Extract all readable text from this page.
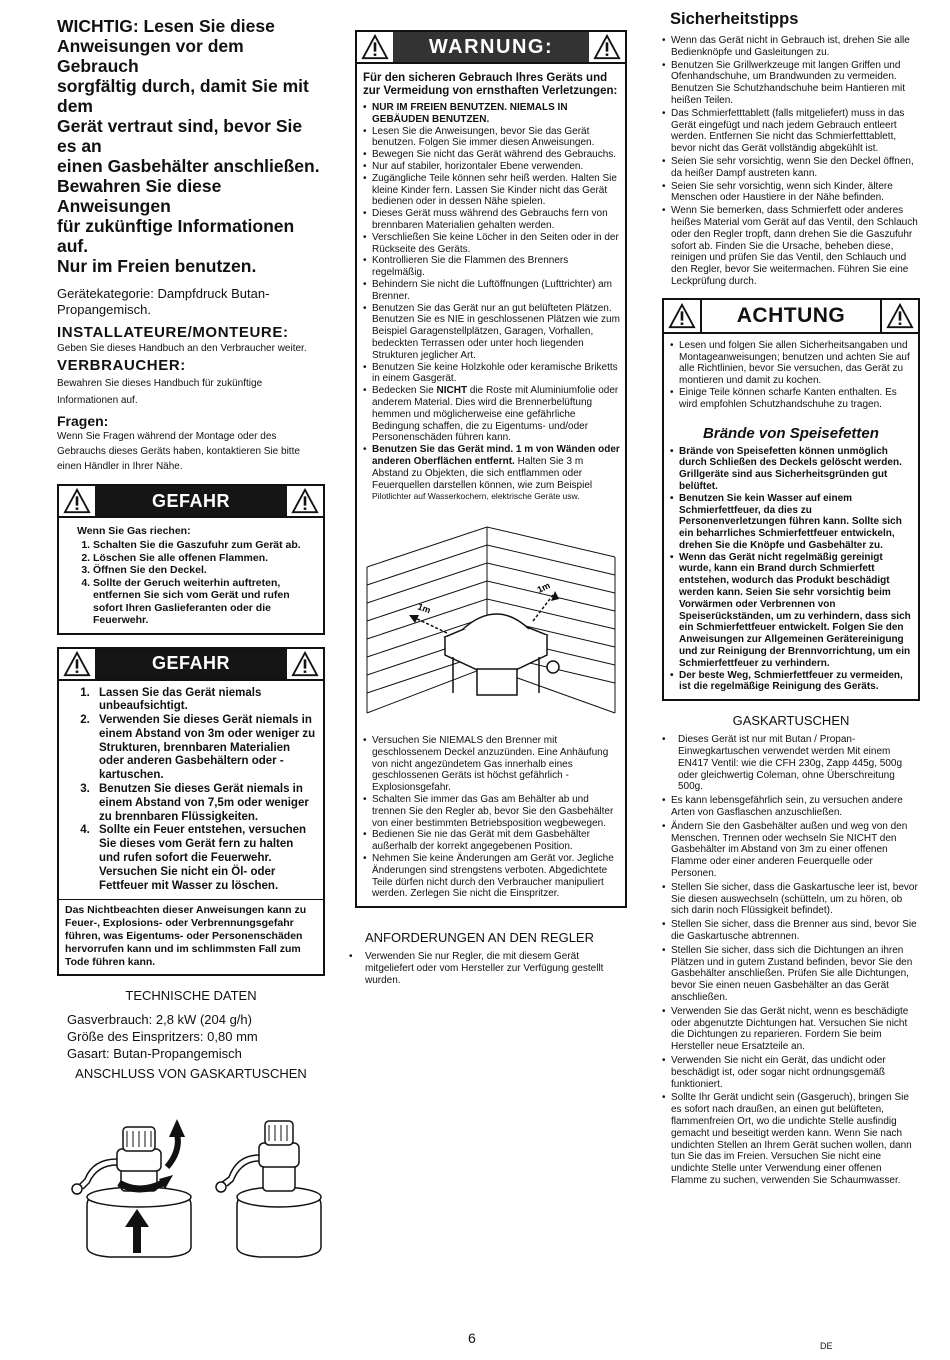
WICHTIG: Lesen Sie diese

Anweisungen vor dem Gebrauch

sorgfältig durch, damit Sie mit dem

Gerät vertraut sind, bevor Sie es an

einen Gasbehälter anschließen.

Bewahren Sie diese Anweisungen

für zukünftige Informationen auf.

Nur im Freien benutzen.

Gerätekategorie: Dampfdruck Butan-

Propangemisch.

INSTALLATEURE/MONTEURE:
Geben Sie dieses Handbuch an den Verbraucher weiter.
VERBRAUCHER:

Bewahren Sie dieses Handbuch für zukünftige

Informationen auf.

Fragen:

Wenn Sie Fragen während der Montage oder des

Gebrauchs dieses Geräts haben, kontaktieren Sie bitte

einen Händler in Ihrer Nähe.

GEFAHR
Wenn Sie Gas riechen:
1. Schalten Sie die Gaszufuhr zum Gerät ab.
2. Löschen Sie alle offenen Flammen.
3. Öffnen Sie den Deckel.
4. Sollte der Geruch weiterhin auftreten, entfernen Sie sich vom Gerät und rufen sofort Ihren Gaslieferanten oder die Feuerwehr.
GEFAHR
1. Lassen Sie das Gerät niemals unbeaufsichtigt.
2. Verwenden Sie dieses Gerät niemals in einem Abstand von 3m oder weniger zu Strukturen, brennbaren Materialien oder anderen Gasbehältern oder -kartuschen.
3. Benutzen Sie dieses Gerät niemals in einem Abstand von 7,5m oder weniger zu brennbaren Flüssigkeiten.
4. Sollte ein Feuer entstehen, versuchen Sie dieses vom Gerät fern zu halten und rufen sofort die Feuerwehr. Versuchen Sie nicht ein Öl- oder Fettfeuer mit Wasser zu löschen.
Das Nichtbeachten dieser Anweisungen kann zu Feuer-, Explosions- oder Verbrennungsgefahr führen, was Eigentums- oder Personenschäden hervorrufen kann und im schlimmsten Fall zum Tode führen kann.
TECHNISCHE DATEN

Gasverbrauch: 2,8 kW (204 g/h)

Größe des Einspritzers: 0,80 mm

Gasart: Butan-Propangemisch

ANSCHLUSS VON GASKARTUSCHEN
WARNUNG:
Für den sicheren Gebrauch Ihres Geräts und zur Vermeidung von ernsthaften Verletzungen:
• NUR IM FREIEN BENUTZEN. NIEMALS IN GEBÄUDEN BENUTZEN.
• Lesen Sie die Anweisungen, bevor Sie das Gerät benutzen. Folgen Sie immer diesen Anweisungen.
• Bewegen Sie nicht das Gerät während des Gebrauchs.
• Nur auf stabiler, horizontaler Ebene verwenden.
• Zugängliche Teile können sehr heiß werden. Halten Sie kleine Kinder fern. Lassen Sie Kinder nicht das Gerät bedienen oder in dessen Nähe spielen.
• Dieses Gerät muss während des Gebrauchs fern von brennbaren Materialien gehalten werden.
• Verschließen Sie keine Löcher in den Seiten oder in der Rückseite des Geräts.
• Kontrollieren Sie die Flammen des Brenners regelmäßig.
• Behindern Sie nicht die Luftöffnungen (Lufttrichter) am Brenner.
• Benutzen Sie das Gerät nur an gut belüfteten Plätzen. Benutzen Sie es NIE in geschlossenen Plätzen wie zum Beispiel Garagenstellplätzen, Garagen, Vorhallen, bedeckten Terrassen oder unter hoch liegenden Strukturen jeglicher Art.
• Benutzen Sie keine Holzkohle oder keramische Briketts in einem Gasgerät.
• Bedecken Sie NICHT die Roste mit Aluminiumfolie oder anderem Material. Dies wird die Brennerbelüftung hemmen und möglicherweise eine gefährliche Bedingung schaffen, die zu Eigentums- und/oder Personenschäden führen kann.
• Benutzen Sie das Gerät mind. 1 m von Wänden oder anderen Oberflächen entfernt. Halten Sie 3 m Abstand zu Objekten, die sich entflammen oder Feuerquellen darstellen können, wie zum Beispiel Pilotlichter auf Wasserkochern, elektrische Geräte usw.
1m
1m
• Versuchen Sie NIEMALS den Brenner mit geschlossenem Deckel anzuzünden. Eine Anhäufung von nicht angezündetem Gas innerhalb eines geschlossenen Geräts ist höchst gefährlich - Explosionsgefahr.
• Schalten Sie immer das Gas am Behälter ab und trennen Sie den Regler ab, bevor Sie den Gasbehälter von einer bestimmten Betriebsposition wegbewegen.
• Bedienen Sie nie das Gerät mit dem Gasbehälter außerhalb der korrekt angegebenen Position.
• Nehmen Sie keine Änderungen am Gerät vor. Jegliche Änderungen sind strengstens verboten. Abgedichtete Teile dürfen nicht durch den Verbraucher manipuliert werden. Zerlegen Sie nicht die Einspritzer.
ANFORDERUNGEN AN DEN REGLER
• Verwenden Sie nur Regler, die mit diesem Gerät mitgeliefert oder vom Hersteller zur Verfügung gestellt wurden.
Sicherheitstipps
• Wenn das Gerät nicht in Gebrauch ist, drehen Sie alle Bedienknöpfe und Gasleitungen zu.
• Benutzen Sie Grillwerkzeuge mit langen Griffen und Ofenhandschuhe, um Brandwunden zu vermeiden. Benutzen Sie Schutzhandschuhe beim Hantieren mit heißen Teilen.
• Das Schmierfetttablett (falls mitgeliefert) muss in das Gerät eingefügt und nach jedem Gebrauch entleert werden. Entfernen Sie nicht das Schmierfetttablett, bevor nicht das Gerät vollständig abgekühlt ist.
• Seien Sie sehr vorsichtig, wenn Sie den Deckel öffnen, da heißer Dampf austreten kann.
• Seien Sie sehr vorsichtig, wenn sich Kinder, ältere Menschen oder Haustiere in der Nähe befinden.
• Wenn Sie bemerken, dass Schmierfett oder anderes heißes Material vom Gerät auf das Ventil, den Schlauch oder den Regler tropft, dann drehen Sie die Gaszufuhr sofort ab. Finden Sie die Ursache, beheben diese, reinigen und prüfen Sie das Ventil, den Schlauch und den Regler, bevor Sie weitermachen. Führen Sie eine Leckprüfung durch.
ACHTUNG
• Lesen und folgen Sie allen Sicherheitsangaben und Montageanweisungen; benutzen und achten Sie auf alle Richtlinien, bevor Sie versuchen, das Gerät zu montieren und damit zu kochen.
• Einige Teile können scharfe Kanten enthalten. Es wird empfohlen Schutzhandschuhe zu tragen.
Brände von Speisefetten
• Brände von Speisefetten können unmöglich durch Schließen des Deckels gelöscht werden. Grillgeräte sind aus Sicherheitsgründen gut belüftet.
• Benutzen Sie kein Wasser auf einem Schmierfettfeuer, da dies zu Personenverletzungen führen kann. Sollte sich ein beharrliches Schmierfettfeuer entwickeln, drehen Sie die Knöpfe und Gasbehälter zu.
• Wenn das Gerät nicht regelmäßig gereinigt wurde, kann ein Brand durch Schmierfett entstehen, wodurch das Produkt beschädigt werden kann. Seien Sie sehr vorsichtig beim Vorwärmen oder Verbrennen von Speiserückständen, um zu verhindern, dass sich ein Schmierfettfeuer entwickelt. Folgen Sie den Anweisungen zur Allgemeinen Gerätereinigung und zur Reinigung der Brennvorrichtung, um ein Schmierfettfeuer zu verhindern.
• Der beste Weg, Schmierfettfeuer zu vermeiden, ist die regelmäßige Reinigung des Geräts.
GASKARTUSCHEN
• Dieses Gerät ist nur mit Butan / Propan-Einwegkartuschen verwendet werden Mit einem EN417 Ventil: wie die CFH 230g, Zapp 445g, 500g oder gleichwertig Coleman, ohne Überschreitung 500g.
• Es kann lebensgefährlich sein, zu versuchen andere Arten von Gasflaschen anzuschließen.
• Ändern Sie den Gasbehälter außen und weg von den Menschen. Trennen oder wechseln Sie NICHT den Gasbehälter im Abstand von 3m zu einer offenen Flamme oder einer anderen Feuerquelle oder Personen.
• Stellen Sie sicher, dass die Gaskartusche leer ist, bevor Sie diesen auswechseln (schütteln, um zu hören, ob sich darin noch Flüssigkeit befindet).
• Stellen Sie sicher, dass die Brenner aus sind, bevor Sie die Gaskartusche abtrennen.
• Stellen Sie sicher, dass sich die Dichtungen an ihren Plätzen und in gutem Zustand befinden, bevor Sie den Gasbehälter anschließen. Prüfen Sie alle Dichtungen, bevor Sie einen neuen Gasbehälter an das Gerät anschließen.
• Verwenden Sie das Gerät nicht, wenn es beschädigte oder abgenutzte Dichtungen hat. Versuchen Sie nicht die Dichtungen zu reparieren. Fordern Sie beim Hersteller neue Ersatzteile an.
• Verwenden Sie nicht ein Gerät, das undicht oder beschädigt ist, oder sogar nicht ordnungsgemäß funktioniert.
• Sollte Ihr Gerät undicht sein (Gasgeruch), bringen Sie es sofort nach draußen, an einen gut belüfteten, flammenfreien Ort, wo die undichte Stelle ausfindig gemacht und beseitigt werden kann. Wenn Sie nach undichten Stellen an Ihrem Gerät suchen wollen, dann tun Sie das im Freien. Versuchen Sie nicht eine undichte Stelle unter Verwendung einer offenen Flamme zu suchen, verwenden Sie Schaumwasser.
6	DE
